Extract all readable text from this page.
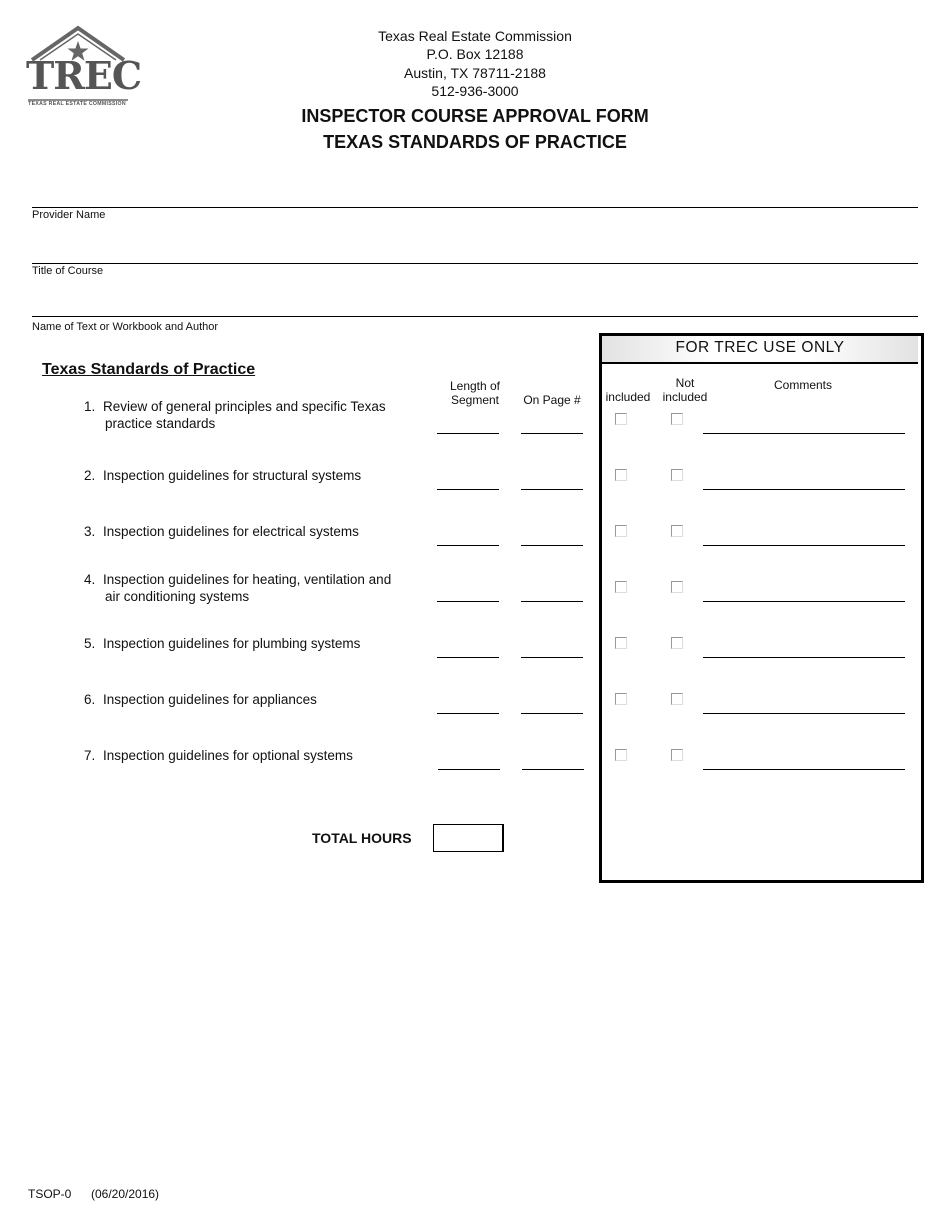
TREC
TEXAS REAL ESTATE COMMISSION
Texas Real Estate Commission
P.O. Box 12188
Austin, TX 78711-2188
512-936-3000
INSPECTOR COURSE APPROVAL FORM
TEXAS STANDARDS OF PRACTICE
Provider Name
Title of Course
Name of Text or Workbook and Author
Texas Standards of Practice
Length of
Segment	On Page #
FOR TREC USE ONLY
included
Not
included
Comments
1. Review of general principles and specific Texas
practice standards
2. Inspection guidelines for structural systems
3. Inspection guidelines for electrical systems
4. Inspection guidelines for heating, ventilation and
air conditioning systems
5. Inspection guidelines for plumbing systems
6. Inspection guidelines for appliances
7. Inspection guidelines for optional systems
TOTAL HOURS
TSOP-0 (06/20/2016)
